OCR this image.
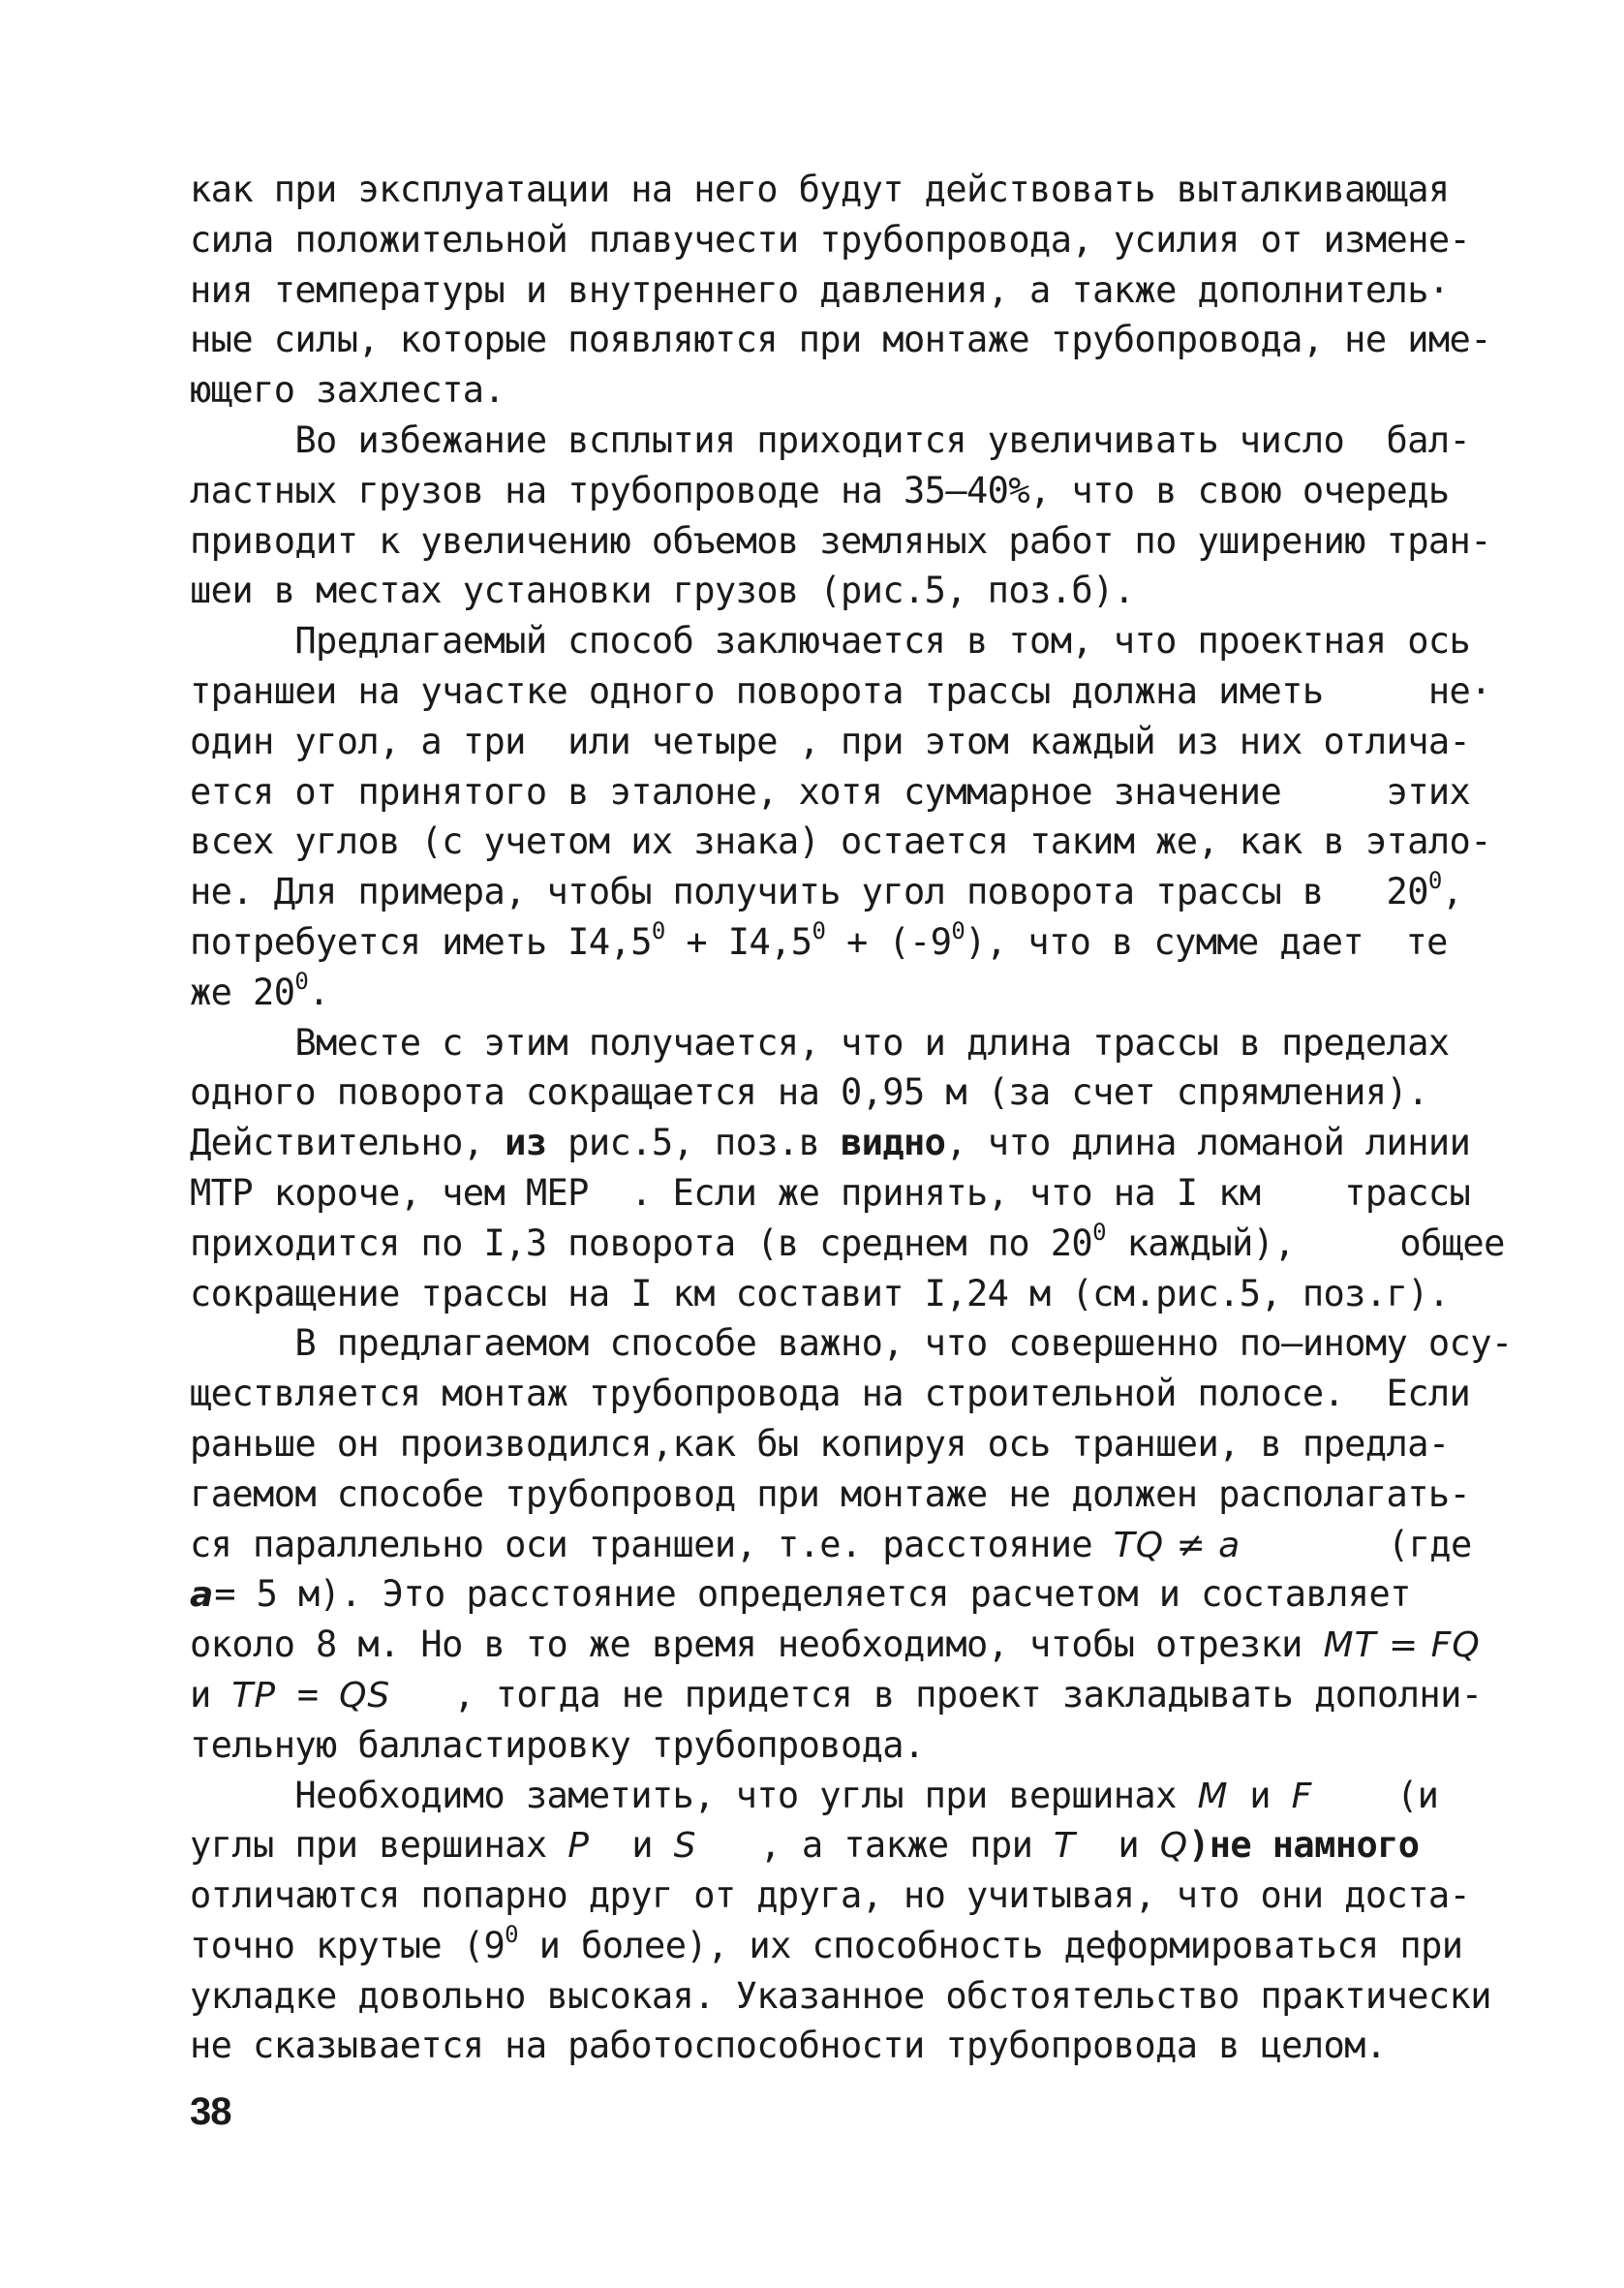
как при эксплуатации на него будут действовать выталкивающая
сила положительной плавучести трубопровода, усилия от измене-
ния температуры и внутреннего давления, а также дополнитель·
ные силы, которые появляются при монтаже трубопровода, не име-
ющего захлеста.
Во избежание всплытия приходится увеличивать число  бал-
ластных грузов на трубопроводе на 35–40%, что в свою очередь
приводит к увеличению объемов земляных работ по уширению тран-
шеи в местах установки грузов (рис.5, поз.б).
Предлагаемый способ заключается в том, что проектная ось
траншеи на участке одного поворота трассы должна иметь     не·
один угол, а три  или четыре , при этом каждый из них отлича-
ется от принятого в эталоне, хотя суммарное значение     этих
всех углов (с учетом их знака) остается таким же, как в этало-
не. Для примера, чтобы получить угол поворота трассы в   $20^0$,
потребуется иметь $I4,5^0 + I4,5^0 + (-9^0)$, что в сумме дает  те
же $20^0$.
Вместе с этим получается, что и длина трассы в пределах
одного поворота сокращается на 0,95 м (за счет спрямления).
Действительно, из рис.5, поз.в видно, что длина ломаной линии
МТР короче, чем МЕР  . Если же принять, что на I км    трассы
приходится по I,3 поворота (в среднем по $20^0$ каждый),     общее
сокращение трассы на I км составит I,24 м (см.рис.5, поз.г).
В предлагаемом способе важно, что совершенно по–иному осу-
ществляется монтаж трубопровода на строительной полосе.  Если
раньше он производился,как бы копируя ось траншеи, в предла-
гаемом способе трубопровод при монтаже не должен располагать-
ся параллельно оси траншеи, т.е. расстояние TQ ≠ a       (где
a= 5 м). Это расстояние определяется расчетом и составляет
около 8 м. Но в то же время необходимо, чтобы отрезки MT = FQ
и TP = QS   , тогда не придется в проект закладывать дополни-
тельную балластировку трубопровода.
Необходимо заметить, что углы при вершинах M и F    (и
углы при вершинах P  и S   , а также при T  и Q)не намного
отличаются попарно друг от друга, но учитывая, что они доста-
точно крутые ($9^0$ и более), их способность деформироваться при
укладке довольно высокая. Указанное обстоятельство практически
не сказывается на работоспособности трубопровода в целом.
38
